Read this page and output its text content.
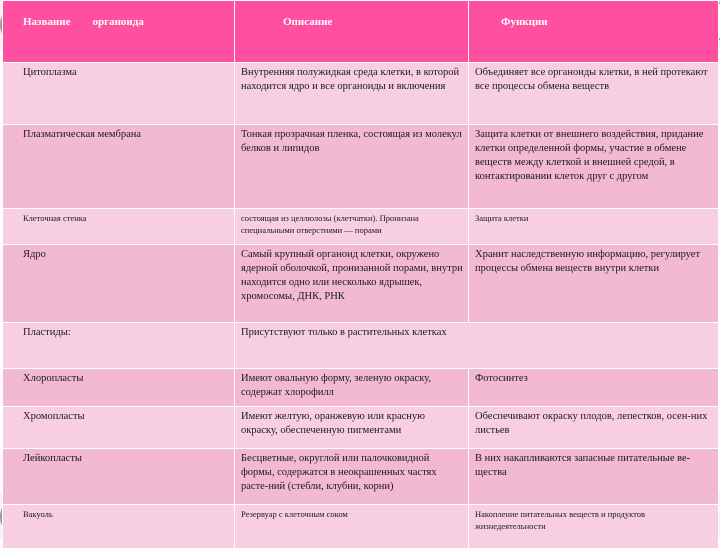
Название органоида	Описание	Функции
Цитоплазма	Внутренняя полужидкая среда клетки, в которой находится ядро и все органоиды и включения	Объединяет все органоиды клетки, в ней протекают все процессы обмена веществ
Плазматическая мембрана	Тонкая прозрачная пленка, состоящая из молекул белков и липидов	Защита клетки от внешнего воздействия, придание клетки определенной формы, участие в обмене веществ между клеткой и внешней средой, в контактировании клеток друг с другом
Клеточная стенка	состоящая из целлюлозы (клетчатки). Пронизана специальными отверстиями — порами	Защита клетки
Ядро	Самый крупный органоид клетки, окружено ядерной оболочкой, пронизанной порами, внутри находится одно или несколько ядрышек, хромосомы, ДНК, РНК	Хранит наследственную информацию, регулирует процессы обмена веществ внутри клетки
Пластиды:	Присутствуют только в растительных клетках	
Хлоропласты	Имеют овальную форму, зеленую окраску, содержат хлорофилл	Фотосинтез
Хромопласты	Имеют желтую, оранжевую или красную окраску, обеспеченную пигментами	Обеспечивают окраску плодов, лепестков, осен-них листьев
Лейкопласты	Бесцветные, округлой или палочковидной формы, содержатся в неокрашенных частях расте-ний (стебли, клубни, корни)	В них накапливаются запасные питательные ве-щества
Вакуоль	Резервуар с клеточным соком	Накопление питательных веществ и продуктов жизнедеятельности
